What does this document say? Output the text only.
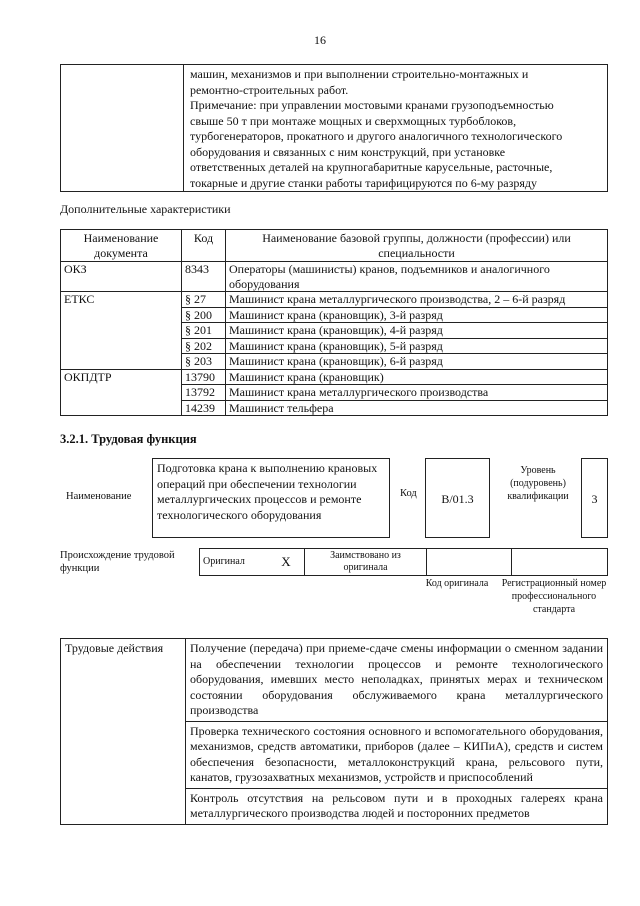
16

машин, механизмов и при выполнении строительно-монтажных и
ремонтно-строительных работ.
Примечание: при управлении мостовыми кранами грузоподъемностью
свыше 50 т при монтаже мощных и сверхмощных турбоблоков,
турбогенераторов, прокатного и другого аналогичного технологического
оборудования и связанных с ним конструкций, при установке
ответственных деталей на крупногабаритные карусельные, расточные,
токарные и другие станки работы тарифицируются по 6-му разряду
Дополнительные характеристики
Наименование документа	Код	Наименование базовой группы, должности (профессии) или специальности
ОКЗ	8343	Операторы (машинисты) кранов, подъемников и аналогичного оборудования
ЕТКС	§ 27	Машинист крана металлургического производства, 2 – 6-й разряд
	§ 200	Машинист крана (крановщик), 3-й разряд
	§ 201	Машинист крана (крановщик), 4-й разряд
	§ 202	Машинист крана (крановщик), 5-й разряд
	§ 203	Машинист крана (крановщик), 6-й разряд
ОКПДТР	13790	Машинист крана (крановщик)
	13792	Машинист крана металлургического производства
	14239	Машинист тельфера
3.2.1. Трудовая функция
Наименование
Подготовка крана к выполнению крановых операций при обеспечении технологии металлургических процессов и ремонте технологического оборудования
Код	B/01.3
Уровень (подуровень) квалификации	3
Происхождение трудовой функции
Оригинал	X	Заимствовано из оригинала		
Код оригинала	Регистрационный номер профессионального стандарта
Трудовые действия	Получение (передача) при приеме-сдаче смены информации о сменном задании на обеспечении технологии процессов и ремонте технологического оборудования, имевших место неполадках, принятых мерах и техническом состоянии оборудования обслуживаемого крана металлургического производства
Проверка технического состояния основного и вспомогательного оборудования, механизмов, средств автоматики, приборов (далее – КИПиА), средств и систем обеспечения безопасности, металлоконструкций крана, рельсового пути, канатов, грузозахватных механизмов, устройств и приспособлений
Контроль отсутствия на рельсовом пути и в проходных галереях крана металлургического производства людей и посторонних предметов
